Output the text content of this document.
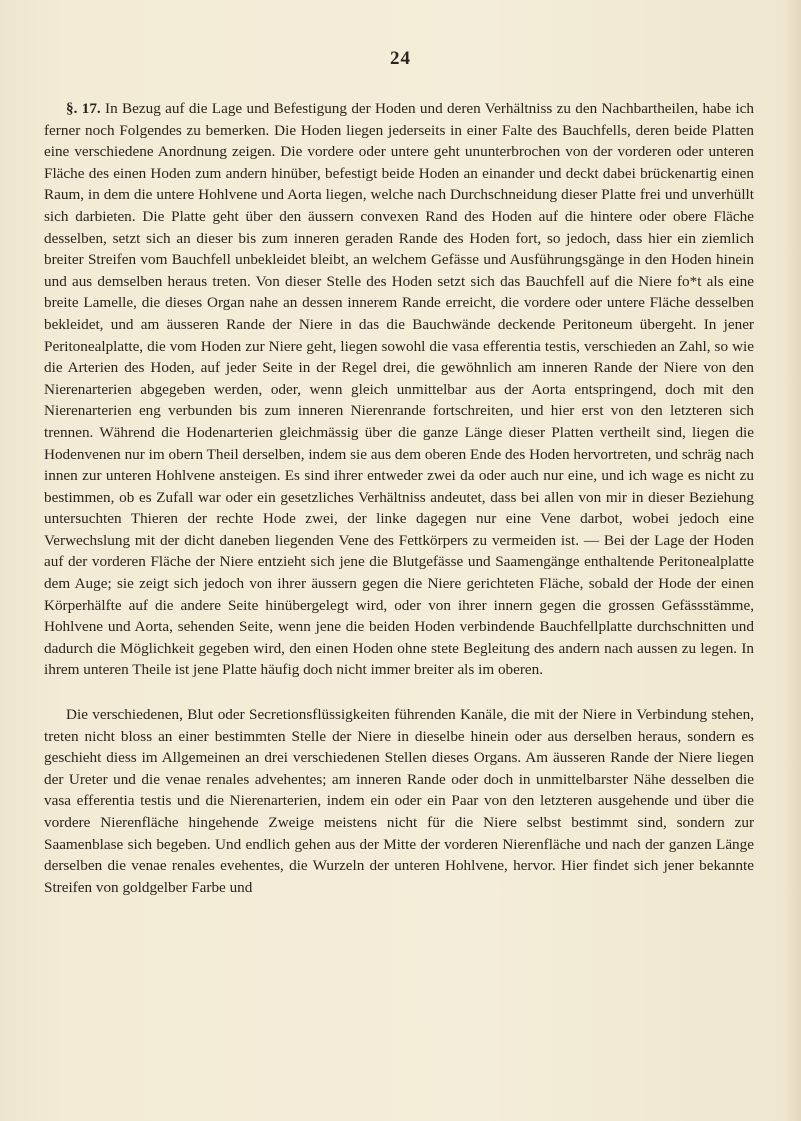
24

§. 17. In Bezug auf die Lage und Befestigung der Hoden und deren Verhältniss zu den Nachbartheilen, habe ich ferner noch Folgendes zu bemerken. Die Hoden liegen jederseits in einer Falte des Bauchfells, deren beide Platten eine verschiedene Anordnung zeigen. Die vordere oder untere geht ununterbrochen von der vorderen oder unteren Fläche des einen Hoden zum andern hinüber, befestigt beide Hoden an einander und deckt dabei brückenartig einen Raum, in dem die untere Hohlvene und Aorta liegen, welche nach Durchschneidung dieser Platte frei und unverhüllt sich darbieten. Die Platte geht über den äussern convexen Rand des Hoden auf die hintere oder obere Fläche desselben, setzt sich an dieser bis zum inneren geraden Rande des Hoden fort, so jedoch, dass hier ein ziemlich breiter Streifen vom Bauchfell unbekleidet bleibt, an welchem Gefässe und Ausführungsgänge in den Hoden hinein und aus demselben heraus treten. Von dieser Stelle des Hoden setzt sich das Bauchfell auf die Niere fo*t als eine breite Lamelle, die dieses Organ nahe an dessen innerem Rande erreicht, die vordere oder untere Fläche desselben bekleidet, und am äusseren Rande der Niere in das die Bauchwände deckende Peritoneum übergeht. In jener Peritonealplatte, die vom Hoden zur Niere geht, liegen sowohl die vasa efferentia testis, verschieden an Zahl, so wie die Arterien des Hoden, auf jeder Seite in der Regel drei, die gewöhnlich am inneren Rande der Niere von den Nierenarterien abgegeben werden, oder, wenn gleich unmittelbar aus der Aorta entspringend, doch mit den Nierenarterien eng verbunden bis zum inneren Nierenrande fortschreiten, und hier erst von den letzteren sich trennen. Während die Hodenarterien gleichmässig über die ganze Länge dieser Platten vertheilt sind, liegen die Hodenvenen nur im obern Theil derselben, indem sie aus dem oberen Ende des Hoden hervortreten, und schräg nach innen zur unteren Hohlvene ansteigen. Es sind ihrer entweder zwei da oder auch nur eine, und ich wage es nicht zu bestimmen, ob es Zufall war oder ein gesetzliches Verhältniss andeutet, dass bei allen von mir in dieser Beziehung untersuchten Thieren der rechte Hode zwei, der linke dagegen nur eine Vene darbot, wobei jedoch eine Verwechslung mit der dicht daneben liegenden Vene des Fettkörpers zu vermeiden ist. — Bei der Lage der Hoden auf der vorderen Fläche der Niere entzieht sich jene die Blutgefässe und Saamengänge enthaltende Peritonealplatte dem Auge; sie zeigt sich jedoch von ihrer äussern gegen die Niere gerichteten Fläche, sobald der Hode der einen Körperhälfte auf die andere Seite hinübergelegt wird, oder von ihrer innern gegen die grossen Gefässstämme, Hohlvene und Aorta, sehenden Seite, wenn jene die beiden Hoden verbindende Bauchfellplatte durchschnitten und dadurch die Möglichkeit gegeben wird, den einen Hoden ohne stete Begleitung des andern nach aussen zu legen. In ihrem unteren Theile ist jene Platte häufig doch nicht immer breiter als im oberen.

Die verschiedenen, Blut oder Secretionsflüssigkeiten führenden Kanäle, die mit der Niere in Verbindung stehen, treten nicht bloss an einer bestimmten Stelle der Niere in dieselbe hinein oder aus derselben heraus, sondern es geschieht diess im Allgemeinen an drei verschiedenen Stellen dieses Organs. Am äusseren Rande der Niere liegen der Ureter und die venae renales advehentes; am inneren Rande oder doch in unmittelbarster Nähe desselben die vasa efferentia testis und die Nierenarterien, indem ein oder ein Paar von den letzteren ausgehende und über die vordere Nierenfläche hingehende Zweige meistens nicht für die Niere selbst bestimmt sind, sondern zur Saamenblase sich begeben. Und endlich gehen aus der Mitte der vorderen Nierenfläche und nach der ganzen Länge derselben die venae renales evehentes, die Wurzeln der unteren Hohlvene, hervor. Hier findet sich jener bekannte Streifen von goldgelber Farbe und
